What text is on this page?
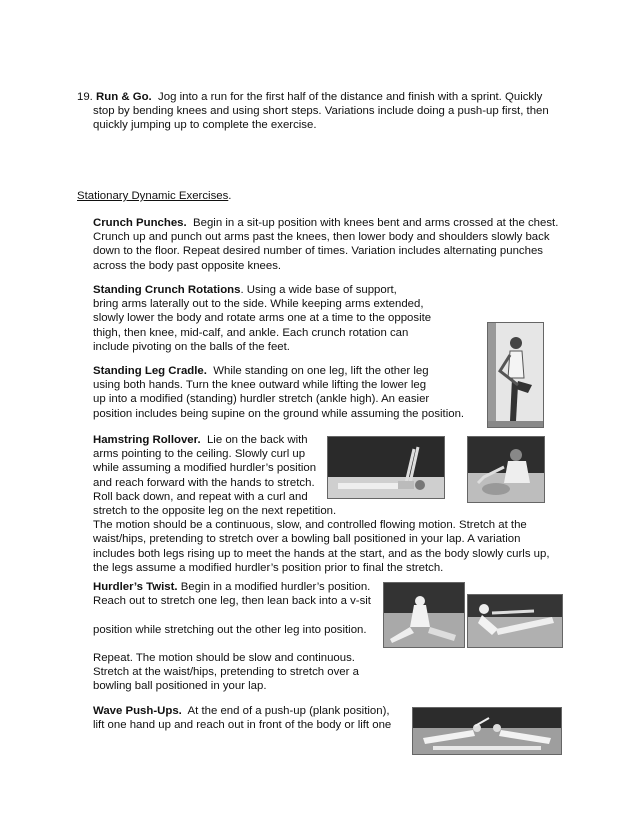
19. Run & Go. Jog into a run for the first half of the distance and finish with a sprint. Quickly
stop by bending knees and using short steps. Variations include doing a push-up first, then
quickly jumping up to complete the exercise.
Stationary Dynamic Exercises.
Crunch Punches. Begin in a sit-up position with knees bent and arms crossed at the chest.
Crunch up and punch out arms past the knees, then lower body and shoulders slowly back
down to the floor. Repeat desired number of times. Variation includes alternating punches
across the body past opposite knees.
Standing Crunch Rotations. Using a wide base of support,
bring arms laterally out to the side. While keeping arms extended,
slowly lower the body and rotate arms one at a time to the opposite
thigh, then knee, mid-calf, and ankle. Each crunch rotation can
include pivoting on the balls of the feet.
Standing Leg Cradle. While standing on one leg, lift the other leg
using both hands. Turn the knee outward while lifting the lower leg
up into a modified (standing) hurdler stretch (ankle high). An easier
position includes being supine on the ground while assuming the position.
Hamstring Rollover. Lie on the back with
arms pointing to the ceiling. Slowly curl up
while assuming a modified hurdler’s position
and reach forward with the hands to stretch.
Roll back down, and repeat with a curl and
stretch to the opposite leg on the next repetition.
The motion should be a continuous, slow, and controlled flowing motion. Stretch at the
waist/hips, pretending to stretch over a bowling ball positioned in your lap. A variation
includes both legs rising up to meet the hands at the start, and as the body slowly curls up,
the legs assume a modified hurdler’s position prior to final the stretch.
Hurdler’s Twist. Begin in a modified hurdler’s position.
Reach out to stretch one leg, then lean back into a v-sit
position while stretching out the other leg into position.
Repeat. The motion should be slow and continuous.
Stretch at the waist/hips, pretending to stretch over a
bowling ball positioned in your lap.
Wave Push-Ups. At the end of a push-up (plank position),
lift one hand up and reach out in front of the body or lift one
